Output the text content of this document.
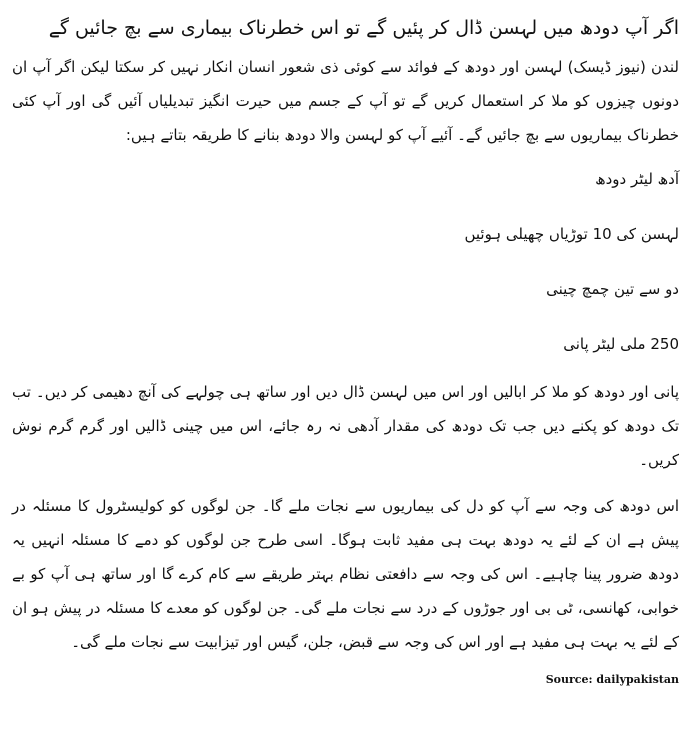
اگر آپ دودھ میں لہسن ڈال کر پئیں گے تو اس خطرناک بیماری سے بچ جائیں گے

لندن (نیوز ڈیسک) لہسن اور دودھ کے فوائد سے کوئی ذی شعور انسان انکار نہیں کر سکتا لیکن اگر آپ ان دونوں چیزوں کو ملا کر استعمال کریں گے تو آپ کے جسم میں حیرت انگیز تبدیلیاں آئیں گی اور آپ کئی خطرناک بیماریوں سے بچ جائیں گے۔ آئیے آپ کو لہسن والا دودھ بنانے کا طریقہ بتاتے ہیں:

آدھ لیٹر دودھ
لہسن کی 10 توڑیاں چھیلی ہوئیں
دو سے تین چمچ چینی
250 ملی لیٹر پانی

پانی اور دودھ کو ملا کر ابالیں اور اس میں لہسن ڈال دیں اور ساتھ ہی چولہے کی آنچ دھیمی کر دیں۔ تب تک دودھ کو پکنے دیں جب تک دودھ کی مقدار آدھی نہ رہ جائے، اس میں چینی ڈالیں اور گرم گرم نوش کریں۔

اس دودھ کی وجہ سے آپ کو دل کی بیماریوں سے نجات ملے گا۔ جن لوگوں کو کولیسٹرول کا مسئلہ در پیش ہے ان کے لئے یہ دودھ بہت ہی مفید ثابت ہوگا۔ اسی طرح جن لوگوں کو دمے کا مسئلہ انہیں یہ دودھ ضرور پینا چاہیے۔ اس کی وجہ سے دافعتی نظام بہتر طریقے سے کام کرے گا اور ساتھ ہی آپ کو بے خوابی، کھانسی، ٹی بی اور جوڑوں کے درد سے نجات ملے گی۔ جن لوگوں کو معدے کا مسئلہ در پیش ہو ان کے لئے یہ بہت ہی مفید ہے اور اس کی وجہ سے قبض، جلن، گیس اور تیزابیت سے نجات ملے گی۔

Source: dailypakistan
